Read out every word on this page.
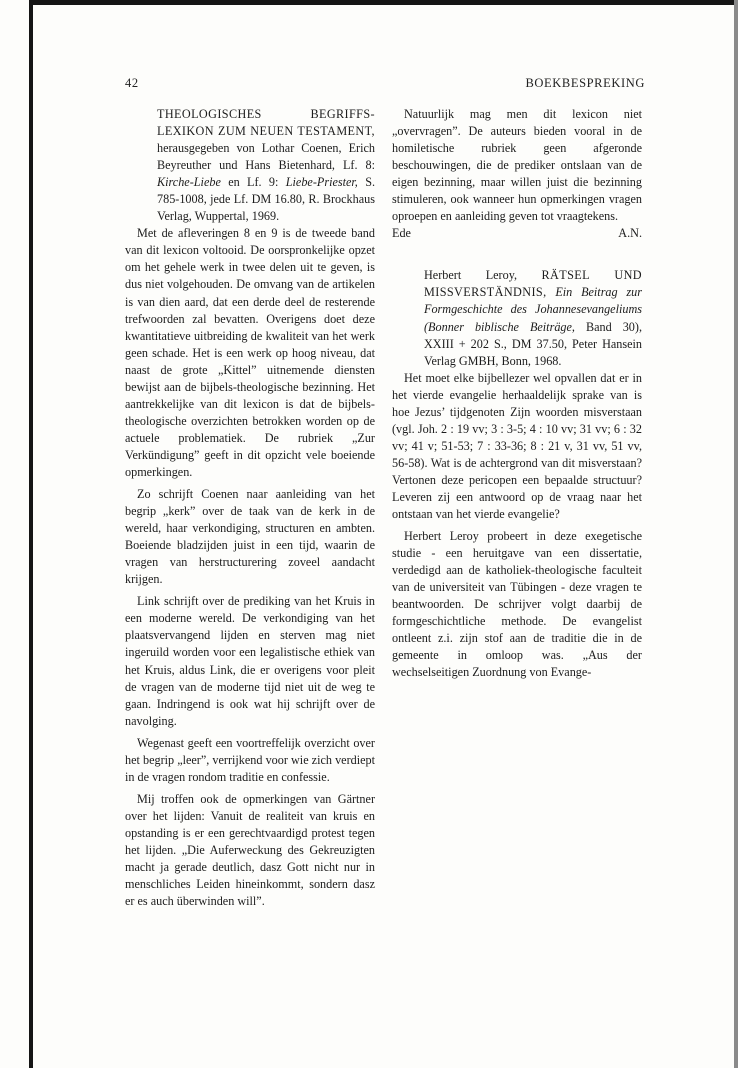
42	BOEKBESPREKING
THEOLOGISCHES BEGRIFFS-LEXIKON ZUM NEUEN TESTAMENT, herausgegeben von Lothar Coenen, Erich Beyreuther und Hans Bietenhard, Lf. 8: Kirche-Liebe en Lf. 9: Liebe-Priester, S. 785-1008, jede Lf. DM 16.80, R. Brockhaus Verlag, Wuppertal, 1969.

Met de afleveringen 8 en 9 is de tweede band van dit lexicon voltooid. De oorspronkelijke opzet om het gehele werk in twee delen uit te geven, is dus niet volgehouden. De omvang van de artikelen is van dien aard, dat een derde deel de resterende trefwoorden zal bevatten. Overigens doet deze kwantitatieve uitbreiding de kwaliteit van het werk geen schade. Het is een werk op hoog niveau, dat naast de grote „Kittel” uitnemende diensten bewijst aan de bijbels-theologische bezinning. Het aantrekkelijke van dit lexicon is dat de bijbels-theologische overzichten betrokken worden op de actuele problematiek. De rubriek „Zur Verkündigung” geeft in dit opzicht vele boeiende opmerkingen.

Zo schrijft Coenen naar aanleiding van het begrip „kerk” over de taak van de kerk in de wereld, haar verkondiging, structuren en ambten. Boeiende bladzijden juist in een tijd, waarin de vragen van herstructurering zoveel aandacht krijgen.

Link schrijft over de prediking van het Kruis in een moderne wereld. De verkondiging van het plaatsvervangend lijden en sterven mag niet ingeruild worden voor een legalistische ethiek van het Kruis, aldus Link, die er overigens voor pleit de vragen van de moderne tijd niet uit de weg te gaan. Indringend is ook wat hij schrijft over de navolging.

Wegenast geeft een voortreffelijk overzicht over het begrip „leer”, verrijkend voor wie zich verdiept in de vragen rondom traditie en confessie.

Mij troffen ook de opmerkingen van Gärtner over het lijden: Vanuit de realiteit van kruis en opstanding is er een gerechtvaardigd protest tegen het lijden. „Die Auferweckung des Gekreuzigten macht ja gerade deutlich, dasz Gott nicht nur in menschliches Leiden hineinkommt, sondern dasz er es auch überwinden will”.

Natuurlijk mag men dit lexicon niet „overvragen”. De auteurs bieden vooral in de homiletische rubriek geen afgeronde beschouwingen, die de prediker ontslaan van de eigen bezinning, maar willen juist die bezinning stimuleren, ook wanneer hun opmerkingen vragen oproepen en aanleiding geven tot vraagtekens.

Ede	A.N.
Herbert Leroy, RÄTSEL UND MISSVERSTÄNDNIS, Ein Beitrag zur Formgeschichte des Johannesevangeliums (Bonner biblische Beiträge, Band 30), XXIII + 202 S., DM 37.50, Peter Hansein Verlag GMBH, Bonn, 1968.

Het moet elke bijbellezer wel opvallen dat er in het vierde evangelie herhaaldelijk sprake van is hoe Jezus’ tijdgenoten Zijn woorden misverstaan (vgl. Joh. 2 : 19 vv; 3 : 3-5; 4 : 10 vv; 31 vv; 6 : 32 vv; 41 v; 51-53; 7 : 33-36; 8 : 21 v, 31 vv, 51 vv, 56-58). Wat is de achtergrond van dit misverstaan? Vertonen deze pericopen een bepaalde structuur? Leveren zij een antwoord op de vraag naar het ontstaan van het vierde evangelie?

Herbert Leroy probeert in deze exegetische studie - een heruitgave van een dissertatie, verdedigd aan de katholiek-theologische faculteit van de universiteit van Tübingen - deze vragen te beantwoorden. De schrijver volgt daarbij de formgeschichtliche methode. De evangelist ontleent z.i. zijn stof aan de traditie die in de gemeente in omloop was. „Aus der wechselseitigen Zuordnung von Evange-
